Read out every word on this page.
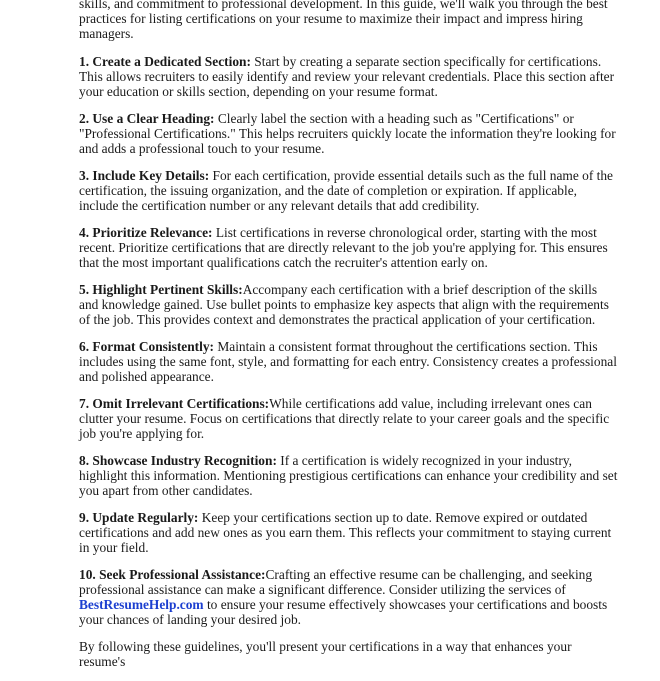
skills, and commitment to professional development. In this guide, we'll walk you through the best practices for listing certifications on your resume to maximize their impact and impress hiring managers.

1. Create a Dedicated Section: Start by creating a separate section specifically for certifications. This allows recruiters to easily identify and review your relevant credentials. Place this section after your education or skills section, depending on your resume format.

2. Use a Clear Heading: Clearly label the section with a heading such as "Certifications" or "Professional Certifications." This helps recruiters quickly locate the information they're looking for and adds a professional touch to your resume.

3. Include Key Details: For each certification, provide essential details such as the full name of the certification, the issuing organization, and the date of completion or expiration. If applicable, include the certification number or any relevant details that add credibility.

4. Prioritize Relevance: List certifications in reverse chronological order, starting with the most recent. Prioritize certifications that are directly relevant to the job you're applying for. This ensures that the most important qualifications catch the recruiter's attention early on.

5. Highlight Pertinent Skills:Accompany each certification with a brief description of the skills and knowledge gained. Use bullet points to emphasize key aspects that align with the requirements of the job. This provides context and demonstrates the practical application of your certification.

6. Format Consistently: Maintain a consistent format throughout the certifications section. This includes using the same font, style, and formatting for each entry. Consistency creates a professional and polished appearance.

7. Omit Irrelevant Certifications:While certifications add value, including irrelevant ones can clutter your resume. Focus on certifications that directly relate to your career goals and the specific job you're applying for.

8. Showcase Industry Recognition: If a certification is widely recognized in your industry, highlight this information. Mentioning prestigious certifications can enhance your credibility and set you apart from other candidates.

9. Update Regularly: Keep your certifications section up to date. Remove expired or outdated certifications and add new ones as you earn them. This reflects your commitment to staying current in your field.

10. Seek Professional Assistance:Crafting an effective resume can be challenging, and seeking professional assistance can make a significant difference. Consider utilizing the services of BestResumeHelp.com to ensure your resume effectively showcases your certifications and boosts your chances of landing your desired job.

By following these guidelines, you'll present your certifications in a way that enhances your resume's
